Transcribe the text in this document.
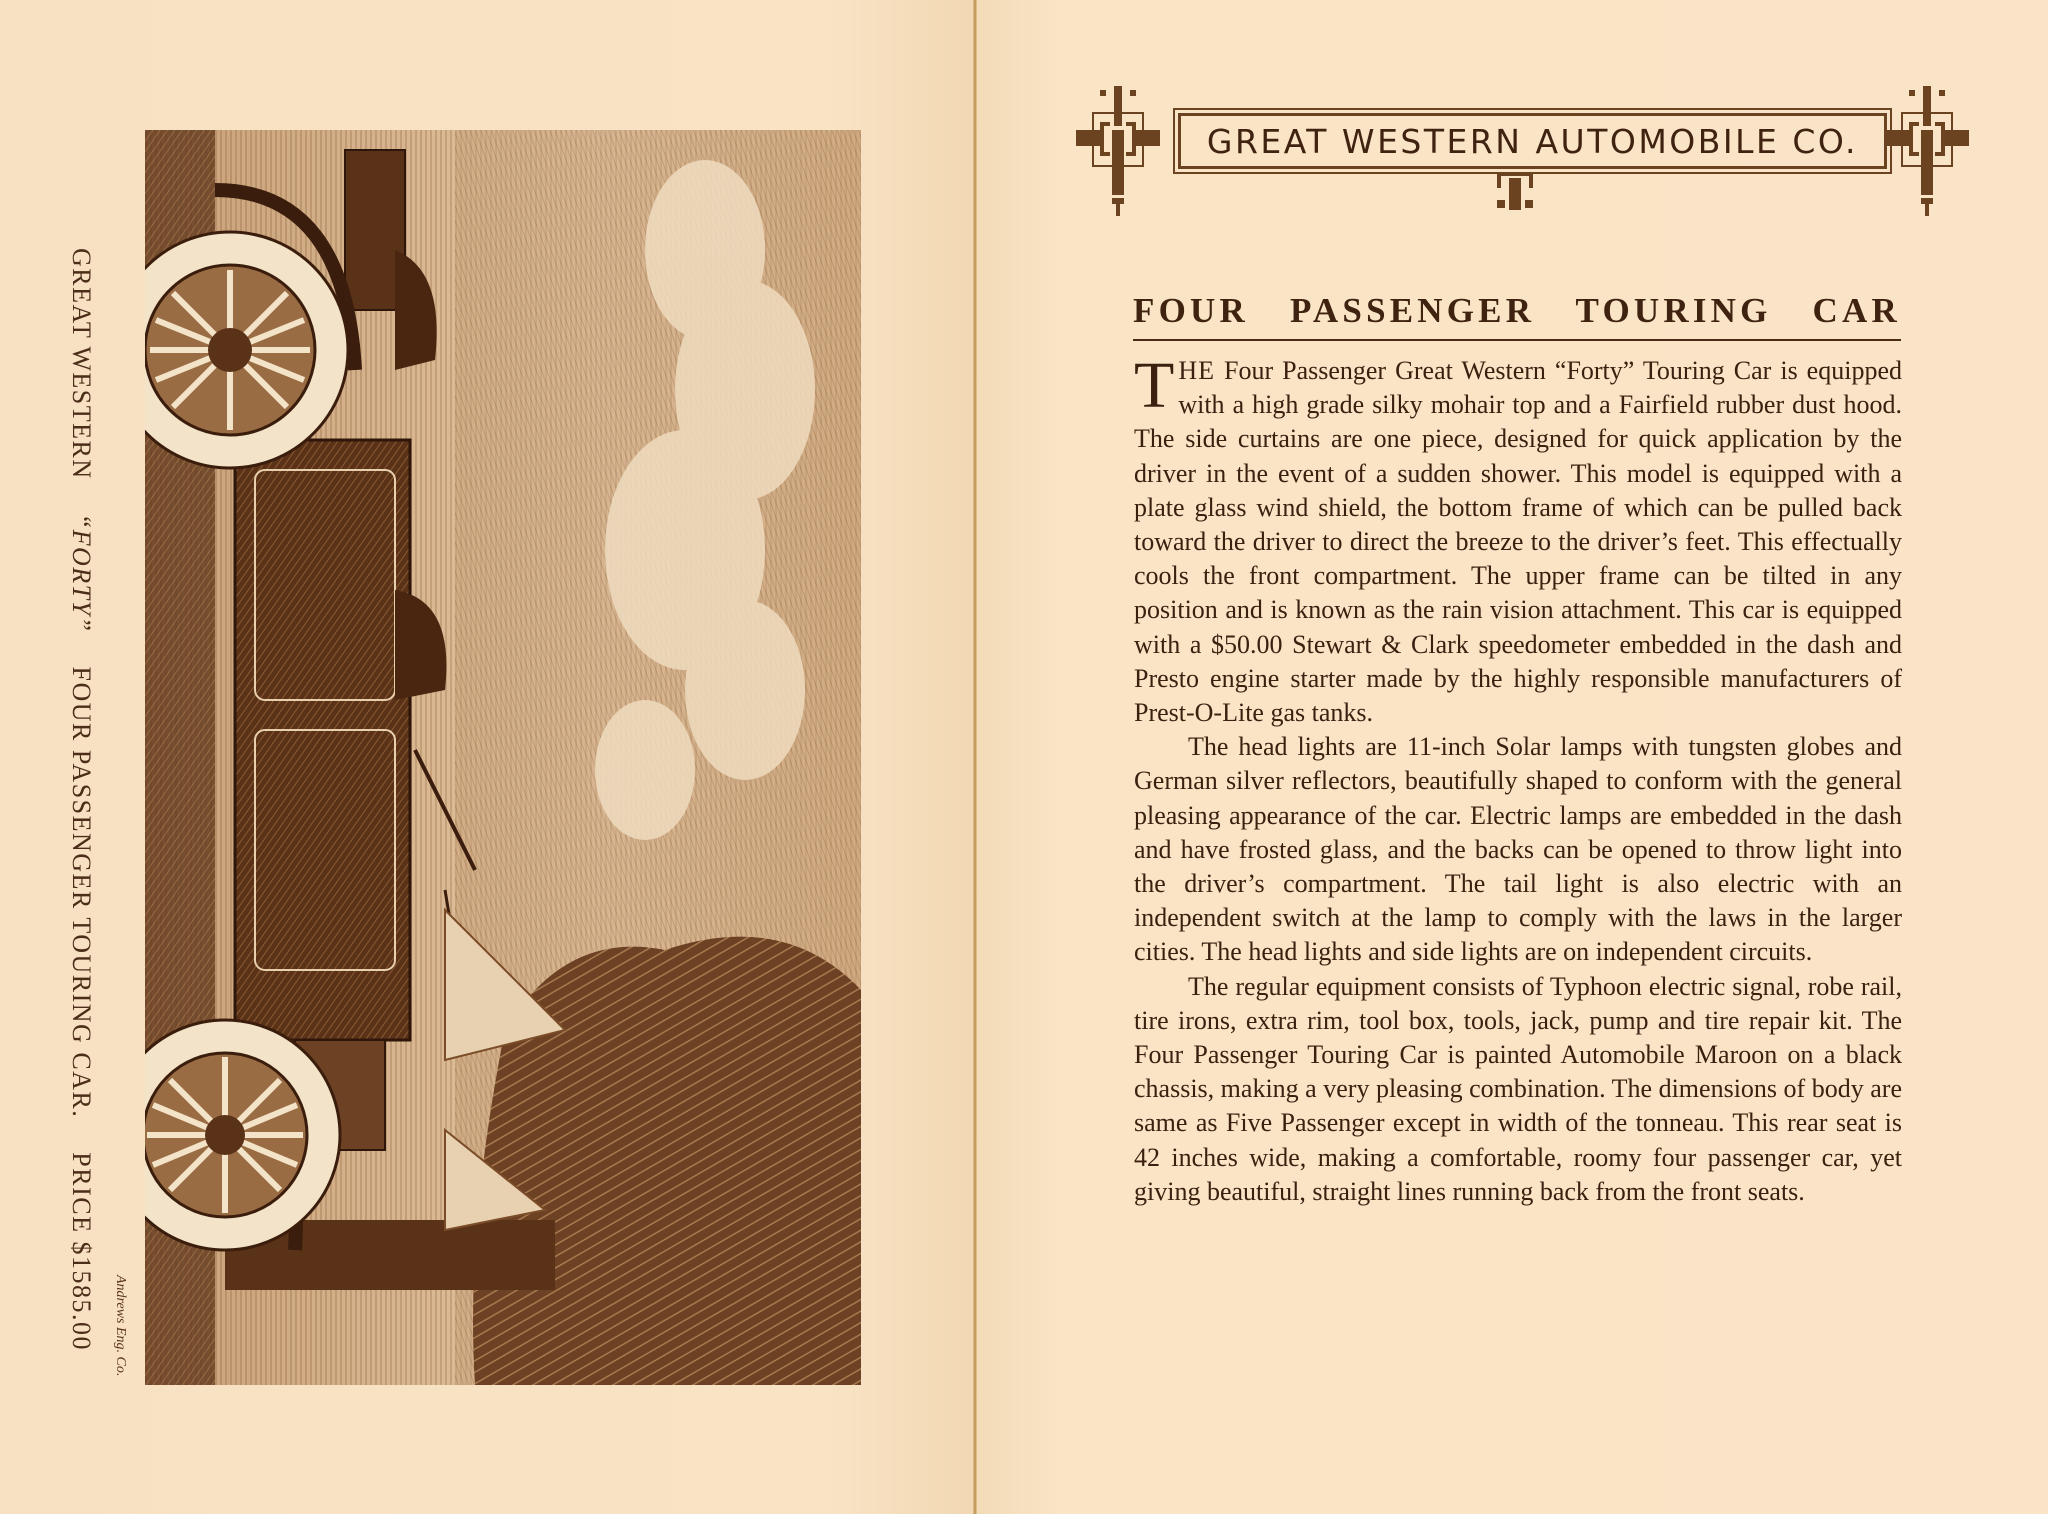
GREAT WESTERN  “FORTY”  FOUR PASSENGER TOURING CAR.  PRICE $1585.00 Andrews Eng. Co.
GREAT WESTERN AUTOMOBILE CO.
FOUR PASSENGER TOURING CAR

THE Four Passenger Great Western “Forty” Touring Car is equipped with a high grade silky mohair top and a Fairfield rubber dust hood. The side curtains are one piece, designed for quick application by the driver in the event of a sudden shower. This model is equipped with a plate glass wind shield, the bottom frame of which can be pulled back toward the driver to direct the breeze to the driver’s feet. This effectually cools the front compartment. The upper frame can be tilted in any position and is known as the rain vision attachment. This car is equipped with a $50.00 Stewart & Clark speedometer embedded in the dash and Presto engine starter made by the highly responsible manufacturers of Prest-O-Lite gas tanks.

The head lights are 11-inch Solar lamps with tungsten globes and German silver reflectors, beautifully shaped to conform with the general pleasing appearance of the car. Electric lamps are embedded in the dash and have frosted glass, and the backs can be opened to throw light into the driver’s compartment. The tail light is also electric with an independent switch at the lamp to comply with the laws in the larger cities. The head lights and side lights are on independent circuits.

The regular equipment consists of Typhoon electric signal, robe rail, tire irons, extra rim, tool box, tools, jack, pump and tire repair kit. The Four Passenger Touring Car is painted Automobile Maroon on a black chassis, making a very pleasing combination. The dimensions of body are same as Five Passenger except in width of the tonneau. This rear seat is 42 inches wide, making a comfortable, roomy four passenger car, yet giving beautiful, straight lines running back from the front seats.
